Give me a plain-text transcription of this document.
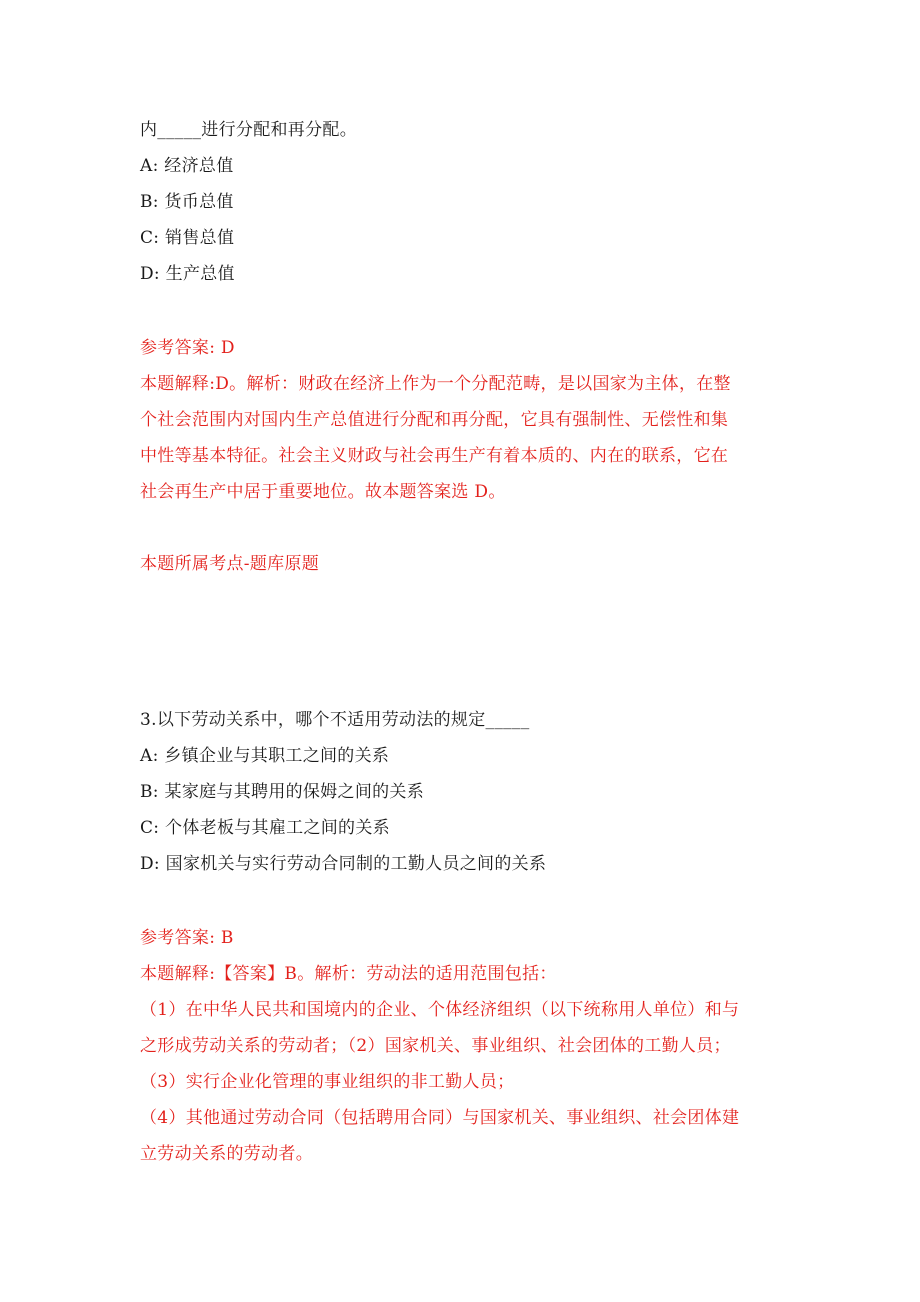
内_____进行分配和再分配。
A: 经济总值
B: 货币总值
C: 销售总值
D: 生产总值
参考答案: D
本题解释:D。解析：财政在经济上作为一个分配范畴，是以国家为主体，在整
个社会范围内对国内生产总值进行分配和再分配，它具有强制性、无偿性和集
中性等基本特征。社会主义财政与社会再生产有着本质的、内在的联系，它在
社会再生产中居于重要地位。故本题答案选 D。
本题所属考点-题库原题
3.以下劳动关系中，哪个不适用劳动法的规定_____
A: 乡镇企业与其职工之间的关系
B: 某家庭与其聘用的保姆之间的关系
C: 个体老板与其雇工之间的关系
D: 国家机关与实行劳动合同制的工勤人员之间的关系
参考答案: B
本题解释:【答案】B。解析：劳动法的适用范围包括：
（1）在中华人民共和国境内的企业、个体经济组织（以下统称用人单位）和与
之形成劳动关系的劳动者；（2）国家机关、事业组织、社会团体的工勤人员；
（3）实行企业化管理的事业组织的非工勤人员；
（4）其他通过劳动合同（包括聘用合同）与国家机关、事业组织、社会团体建
立劳动关系的劳动者。
